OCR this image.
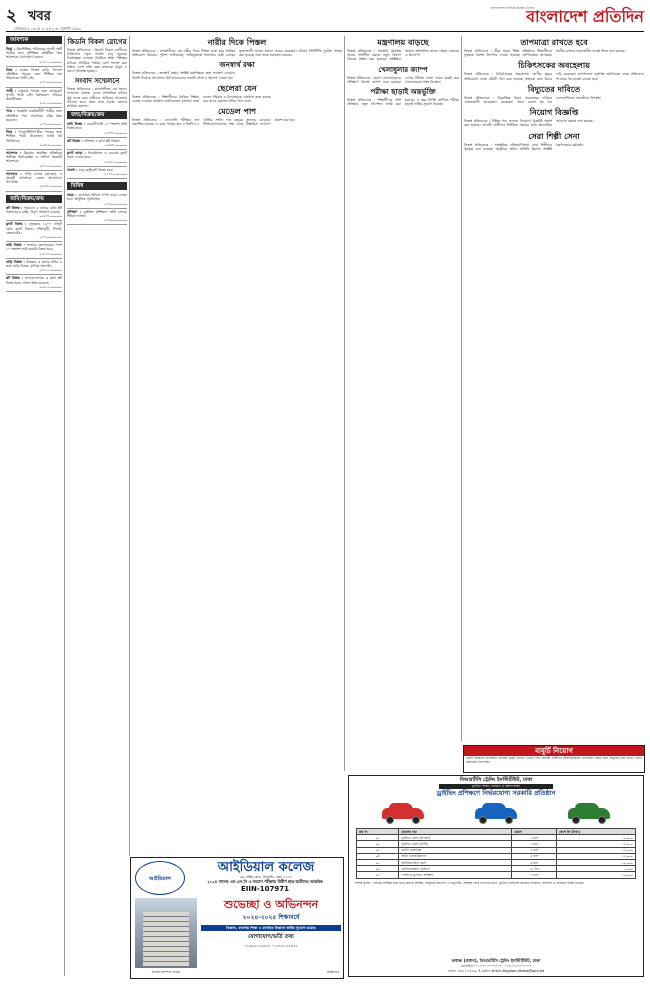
২ খবর
সোমবার | ১৩ মে ২০২৪ | ৩০ বৈশাখ ১৪৩১
বাংলাদেশের সর্বাধিক প্রচারিত দৈনিক
বাংলাদেশ প্রতিদিন
আবশ্যক
বিয়ে : উচ্চশিক্ষিত পরিবারের সুন্দরী স্মার্ট পাত্রীর জন্য সুশিক্ষিত প্রতিষ্ঠিত পাত্র আবশ্যক। যোগাযোগ করুন।
০১৭১১-০০০০০০
বিয়ে : ঢাকায় নিজস্ব বাড়ি, বিদেশে প্রতিষ্ঠিত পাত্রের জন্য শিক্ষিত ভদ্র পরিবারের পাত্রী চাই।
০১৮১৯-০০০০০০
পাত্রী : ব্যাংকার পাত্রের জন্য গ্র্যাজুয়েট সুন্দরী পাত্রী চাই। ধর্মপরায়ণ পরিবার অগ্রাধিকার।
০১৯১৫-০০০০০০
পাত্র : সরকারি চাকরিজীবী পাত্রীর জন্য প্রতিষ্ঠিত পাত্র আবশ্যক। ঘটক ক্ষমা করবেন।
০১৭৫২-০০০০০০
বিয়ে : ডিভোর্সি/বিপত্নীক পাত্রের জন্য শিক্ষিত পাত্রী প্রয়োজন। জাতি ধর্ম নির্বিশেষে।
০১৬৭৩-০০০০০০
আবশ্যক : মিরপুরে অবস্থিত প্রতিষ্ঠানে অভিজ্ঞ হিসাবরক্ষক ও অফিস সহকারী আবশ্যক।
০১৭১৩-০০০০০০
আবশ্যক : গাড়ি চালক (হালকা) ও গৃহকর্মী আবশ্যক। বেতন আলোচনা সাপেক্ষে।
০১৮৪১-০০০০০০
জমি/বিক্রয়/ক্রয়
প্লট বিক্রয় : পূর্বাচলে ৫ কাঠার রেডি প্লট বিক্রয় হবে। রাস্তা, বিদ্যুৎ সংযোগ রয়েছে।
০১৯৭৭-০০০০০০
ফ্ল্যাট বিক্রয় : বসুন্ধরায় ১৬০০ বর্গফুট রেডি ফ্ল্যাট বিক্রয়। দক্ষিণমুখী, লিফট, জেনারেটর।
০১৭১৫-০০০০০০
জমি বিক্রয় : সাভারে মহাসড়কের পাশে ১০ শতাংশ জমি জরুরি বিক্রয় হবে।
০১৮১৭-০০০০০০
বাড়ি বিক্রয় : উত্তরায় ৩ কাঠার উপর ৬ তলা বাড়ি বিক্রয়। মালিক সরাসরি।
০১৭১১-০০০০০০
প্লট বিক্রয় : আফতাবনগরে ৩ কাঠা প্লট বিক্রয় হবে। দালাল ক্ষমা করবেন।
০১৯১২-০০০০০০
কিডনি বিকল রোগের
নিজস্ব প্রতিবেদক : কিডনি বিকল রোগীদের চিকিৎসায় নতুন পদ্ধতি চালু হয়েছে। বিশেষজ্ঞরা বলছেন নিয়মিত স্বাস্থ্য পরীক্ষার মাধ্যমে প্রাথমিক পর্যায়ে রোগ শনাক্ত করা সম্ভব। দেশে প্রতি বছর হাজারো মানুষ এ রোগে আক্রান্ত হচ্ছেন।
সংবাদ সম্মেলনে
নিজস্ব প্রতিবেদক : রাজধানীতে এক সংবাদ সম্মেলনে বক্তারা বলেন সাম্প্রতিক ঘটনার সুষ্ঠু তদন্ত করে দায়ীদের আইনের আওতায় আনতে হবে। তারা দ্রুত ব্যবস্থা গ্রহণের আহ্বান জানান।
জন্ম/বিক্রয়/ক্রয়
জমি বিক্রয় : কেরানীগঞ্জে ২০ শতাংশ জমি বিক্রয় হবে।
০১৭৮৮-০০০০০০
প্লট বিক্রয় : বসিলায় ৪ কাঠা প্লট বিক্রয়।
০১৯৮৮-০০০০০০
ফ্ল্যাট ভাড়া : ধানমন্ডিতে ৩ বেডরুম ফ্ল্যাট ভাড়া দেওয়া হবে।
০১৬১১-০০০০০০
ব্যবসা : চালু রেস্টুরেন্ট বিক্রয় হবে।
০১৭২২-০০০০০০
বিবিধ
ভাড়া : গুলশানে অফিস স্পেস ভাড়া দেওয়া হবে। আধুনিক সুবিধাসহ।
০১৭০০-০০০০০০
প্রশিক্ষণ : ড্রাইভিং প্রশিক্ষণে ভর্তি চলছে। সীমিত আসন।
০১৮০০-০০০০০০
নারীর দিকে পিস্তল
নিজস্ব প্রতিবেদক : রাজধানীতে এক নারীর দিকে পিস্তল তাক করে হুমকির অভিযোগ উঠেছে। পুলিশ জানিয়েছে, অভিযুক্তকে শনাক্তের চেষ্টা চলছে। ভুক্তভোগী থানায় মামলা দায়ের করেছেন। ঘটনার সিসিটিভি ফুটেজ সংগ্রহ করা হয়েছে এবং তদন্ত অব্যাহত রয়েছে।
জনস্বার্থ রক্ষা
নিজস্ব প্রতিবেদক : জনস্বার্থ রক্ষায় সংশ্লিষ্ট কর্তৃপক্ষকে দ্রুত পদক্ষেপ নেওয়ার নির্দেশ দিয়েছে আদালত। রিট আবেদনের শুনানি শেষে এ আদেশ দেওয়া হয়।
ছেলেরা যেন
নিজস্ব প্রতিবেদক : শিক্ষার্থীদের নৈতিক শিক্ষায় গুরুত্ব দেওয়ার আহ্বান জানিয়েছেন বক্তারা। তারা বলেন পরিবার ও বিদ্যালয়কে একসঙ্গে কাজ করতে হবে যাতে ছেলেরা সঠিক পথে চলে।
মেডেল পাশ
নিজস্ব প্রতিবেদক : এসএসসি পরীক্ষার ফল প্রকাশিত হয়েছে। এ বছর পাসের হার ও জিপিএ-৫ প্রাপ্তির সংখ্যা গত বছরের তুলনায় বেড়েছে। শিক্ষাবোর্ডগুলোর পক্ষ থেকে বিস্তারিত ফলাফল প্রকাশ করা হয়।
মন্ত্রণালয় বাড়ছে
নিজস্ব প্রতিবেদক : সরকারি কার্যক্রম আরও গতিশীল করতে নতুন বিভাগ গঠনের প্রস্তাব করা হয়েছে। সংশ্লিষ্টরা জানান প্রশাসনিক কাজে দক্ষতা বাড়াতে এ উদ্যোগ।
খেলাধুলার ক্যাম্প
নিজস্ব প্রতিবেদক : তরুণ খেলোয়াড়দের প্রশিক্ষণে বিশেষ ক্যাম্প শুরু হয়েছে। দেশের বিভিন্ন জেলা থেকে বাছাই করা খেলোয়াড়রা অংশ নিচ্ছেন।
পরীক্ষা ছাড়াই অন্তর্ভুক্তি
নিজস্ব প্রতিবেদক : শিক্ষার্থীদের ভর্তি প্রক্রিয়ায় নতুন নির্দেশনা জারি করা হয়েছে। এ বছর নির্দিষ্ট শ্রেণিতে পরীক্ষা ছাড়াই ভর্তির সুযোগ থাকছে।
তাপমাত্রা রাখতে হবে
নিজস্ব প্রতিবেদক : তীব্র গরমে শিক্ষা প্রতিষ্ঠানে শিক্ষার্থীদের সুরক্ষায় বিশেষ নির্দেশনা দেওয়া হয়েছে। শ্রেণিকক্ষের তাপমাত্রা সহনীয় রাখতে প্রয়োজনীয় ব্যবস্থা নিতে বলা হয়েছে।
চিকিৎসকের অবহেলায়
নিজস্ব প্রতিবেদক : চিকিৎসকের অবহেলায় রোগীর মৃত্যুর অভিযোগে তদন্ত কমিটি গঠন করা হয়েছে। স্বজনরা দ্রুত বিচার দাবি করেছেন। হাসপাতাল কর্তৃপক্ষ জানিয়েছে তদন্ত প্রতিবেদন পাওয়ার পর ব্যবস্থা নেওয়া হবে।
বিদ্যুতের দাবিতে
নিজস্ব প্রতিবেদক : নিরবচ্ছিন্ন বিদ্যুৎ সরবরাহের দাবিতে এলাকাবাসী মানববন্ধন করেছেন। তারা বলেন ঘন ঘন লোডশেডিংয়ে জনজীবন বিপর্যস্ত।
নিয়োগ বিজ্ঞপ্তি
নিজস্ব প্রতিবেদক : বিভিন্ন পদে জনবল নিয়োগে বিজ্ঞপ্তি প্রকাশ করা হয়েছে। আগ্রহী প্রার্থীদের নির্ধারিত সময়ের মধ্যে অনলাইনে আবেদন করতে বলা হয়েছে।
সেরা শিল্পী সেনা
নিজস্ব প্রতিবেদক : সাংস্কৃতিক প্রতিযোগিতায় সেরা শিল্পীদের পুরস্কৃত করা হয়েছে। অনুষ্ঠানে প্রধান অতিথি ছিলেন সংশ্লিষ্ট মন্ত্রণালয়ের কর্মকর্তা।
বাবুর্চি নিয়োগ
একটি স্বনামধন্য প্রতিষ্ঠানে অভিজ্ঞ বাবুর্চি নিয়োগ দেওয়া হবে। আগ্রহী প্রার্থীদের জীবনবৃত্তান্তসহ যোগাযোগ করার জন্য অনুরোধ করা হলো। বেতন আলোচনা সাপেক্ষে।
বিআরটিসি ট্রেনিং ইনস্টিটিউট, ঢাকা
ড্রাইভিং শিক্ষা, মেরামত ও রক্ষণাবেক্ষণ
ড্রাইভিং প্রশিক্ষণে নির্ভরযোগ্য সরকারি প্রতিষ্ঠান
ক্রম নং	কোর্সের নাম	মেয়াদ	কোর্স ফি (টাকা)
০১	ড্রাইভিং কোর্স (হালকা)	১ মাস	১০,০০০
০২	ড্রাইভিং কোর্স (ভারী)	২ মাস	১৫,০০০
০৩	মোটর মেকানিক্স	৩ মাস	১২,০০০
০৪	অটো ইলেকট্রিক্যাল	৩ মাস	১২,০০০
০৫	অটোমোবাইল কোর্স	৬ মাস	২০,০০০
০৬	মোটরসাইকেল ড্রাইভিং	১৫ দিন	৫,০০০
০৭	পেশাদার ড্রাইভিং প্রশিক্ষণ	১ মাস	১০,০০০
বিশেষ সুবিধা : অভিজ্ঞ প্রশিক্ষক দ্বারা হাতে-কলমে প্রশিক্ষণ, আধুনিক যন্ত্রপাতি ও সিমুলেটর, প্রশিক্ষণ শেষে সনদপত্র প্রদান, ড্রাইভিং লাইসেন্স প্রাপ্তিতে সহায়তা, আবাসন ও খাবারের ব্যবস্থা রয়েছে।
অধ্যক্ষ (প্রধান), বিআরটিসি ট্রেনিং ইনস্টিটিউট, ঢাকা
মোবাইল: ০১৭০০-০০০০০০, ০১৮০০-০০০০০০
ফোন: ৪৮৮১০৪২৬, ই-মেইল: brtcti.tejgaon.dhaka@gov.bd
আইডিয়াল
আইডিয়াল কলেজ
৬৫ সেক্টর রোড, ধানমন্ডি, ঢাকা-১২০৫
২০২৪ সালের এস.এস.সি ও সমমান পরীক্ষায় উত্তীর্ণ ছাত্র-ছাত্রীদের আন্তরিক
EIIN-107971
শুভেচ্ছা ও অভিনন্দন
২০২৪-২০২৫ শিক্ষাবর্ষে
বিজ্ঞান, ব্যবসায় শিক্ষা ও মানবিক বিভাগে ভর্তির সুযোগ রয়েছে
যোগাযোগ/ভর্তি তথ্য
০২৫৮৬১২৫৪৪৪, ০২৫৮৬১২৫৪৫৫
কলেজ ক্যাম্পাস এলাকা	(বিজ্ঞাপন)
